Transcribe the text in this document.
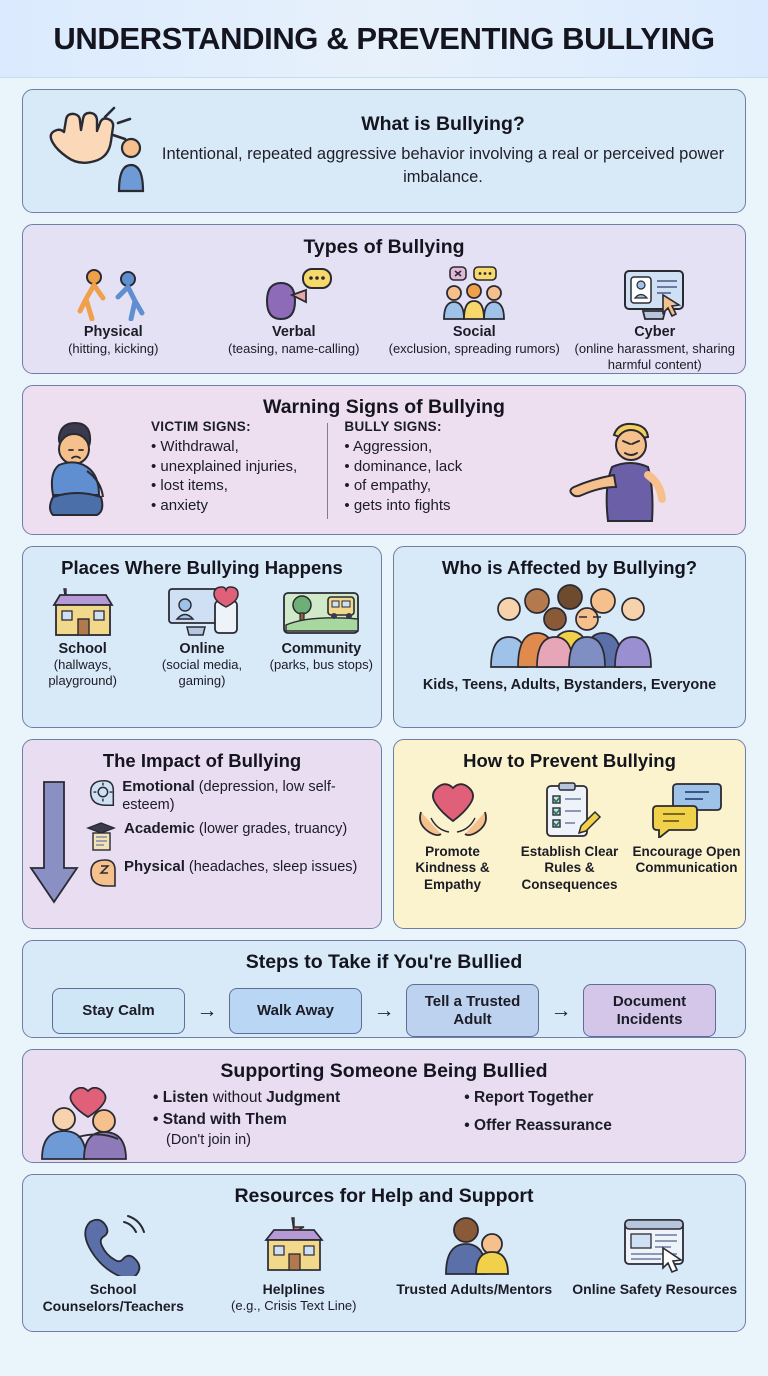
UNDERSTANDING & PREVENTING BULLYING
What is Bullying?
Intentional, repeated aggressive behavior involving a real or perceived power imbalance.
Types of Bullying
Physical
(hitting, kicking)
Verbal
(teasing, name-calling)
Social
(exclusion, spreading rumors)
Cyber
(online harassment, sharing harmful content)
Warning Signs of Bullying
VICTIM SIGNS:
• Withdrawal,
• unexplained injuries,
• lost items,
• anxiety
BULLY SIGNS:
• Aggression,
• dominance, lack
• of empathy,
• gets into fights
Places Where Bullying Happens
School
(hallways, playground)
Online
(social media, gaming)
Community
(parks, bus stops)
Who is Affected by Bullying?
Kids, Teens, Adults, Bystanders, Everyone
The Impact of Bullying
Emotional (depression, low self-esteem)
Academic (lower grades, truancy)
Physical (headaches, sleep issues)
How to Prevent Bullying
Promote Kindness & Empathy
Establish Clear Rules & Consequences
Encourage Open Communication
Steps to Take if You're Bullied
Stay Calm	→	Walk Away	→	Tell a Trusted Adult	→	Document Incidents
Supporting Someone Being Bullied
• Listen without Judgment
• Stand with Them
(Don't join in)
• Report Together
• Offer Reassurance
Resources for Help and Support
School Counselors/Teachers
Helplines
(e.g., Crisis Text Line)
Trusted Adults/Mentors	Online Safety Resources
